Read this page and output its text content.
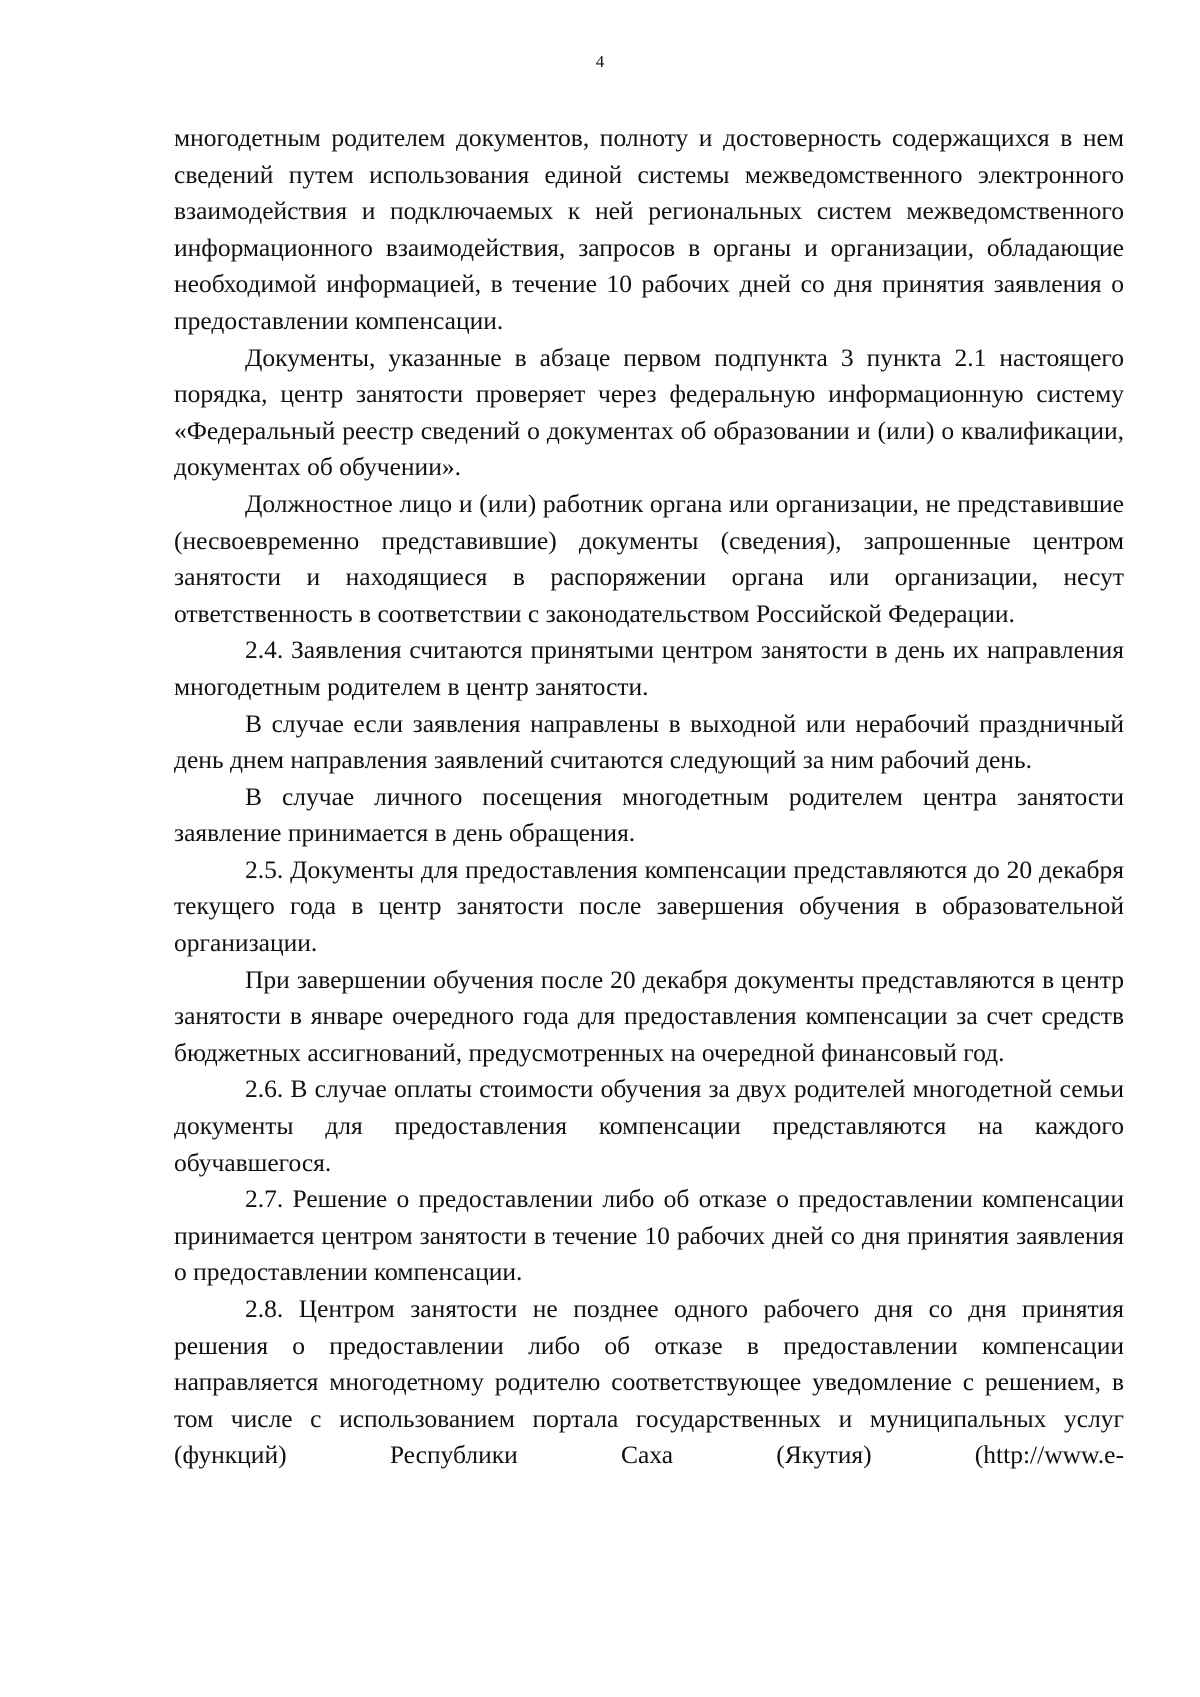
4

многодетным родителем документов, полноту и достоверность содержащихся в нем сведений путем использования единой системы межведомственного электронного взаимодействия и подключаемых к ней региональных систем межведомственного информационного взаимодействия, запросов в органы и организации, обладающие необходимой информацией, в течение 10 рабочих дней со дня принятия заявления о предоставлении компенсации.

Документы, указанные в абзаце первом подпункта 3 пункта 2.1 настоящего порядка, центр занятости проверяет через федеральную информационную систему «Федеральный реестр сведений о документах об образовании и (или) о квалификации, документах об обучении».

Должностное лицо и (или) работник органа или организации, не представившие (несвоевременно представившие) документы (сведения), запрошенные центром занятости и находящиеся в распоряжении органа или организации, несут ответственность в соответствии с законодательством Российской Федерации.

2.4. Заявления считаются принятыми центром занятости в день их направления многодетным родителем в центр занятости.

В случае если заявления направлены в выходной или нерабочий праздничный день днем направления заявлений считаются следующий за ним рабочий день.

В случае личного посещения многодетным родителем центра занятости заявление принимается в день обращения.

2.5. Документы для предоставления компенсации представляются до 20 декабря текущего года в центр занятости после завершения обучения в образовательной организации.

При завершении обучения после 20 декабря документы представляются в центр занятости в январе очередного года для предоставления компенсации за счет средств бюджетных ассигнований, предусмотренных на очередной финансовый год.

2.6. В случае оплаты стоимости обучения за двух родителей многодетной семьи документы для предоставления компенсации представляются на каждого обучавшегося.

2.7. Решение о предоставлении либо об отказе о предоставлении компенсации принимается центром занятости в течение 10 рабочих дней со дня принятия заявления о предоставлении компенсации.

2.8. Центром занятости не позднее одного рабочего дня со дня принятия решения о предоставлении либо об отказе в предоставлении компенсации направляется многодетному родителю соответствующее уведомление с решением, в том числе с использованием портала государственных и муниципальных услуг (функций) Республики Саха (Якутия) (http://www.e-
